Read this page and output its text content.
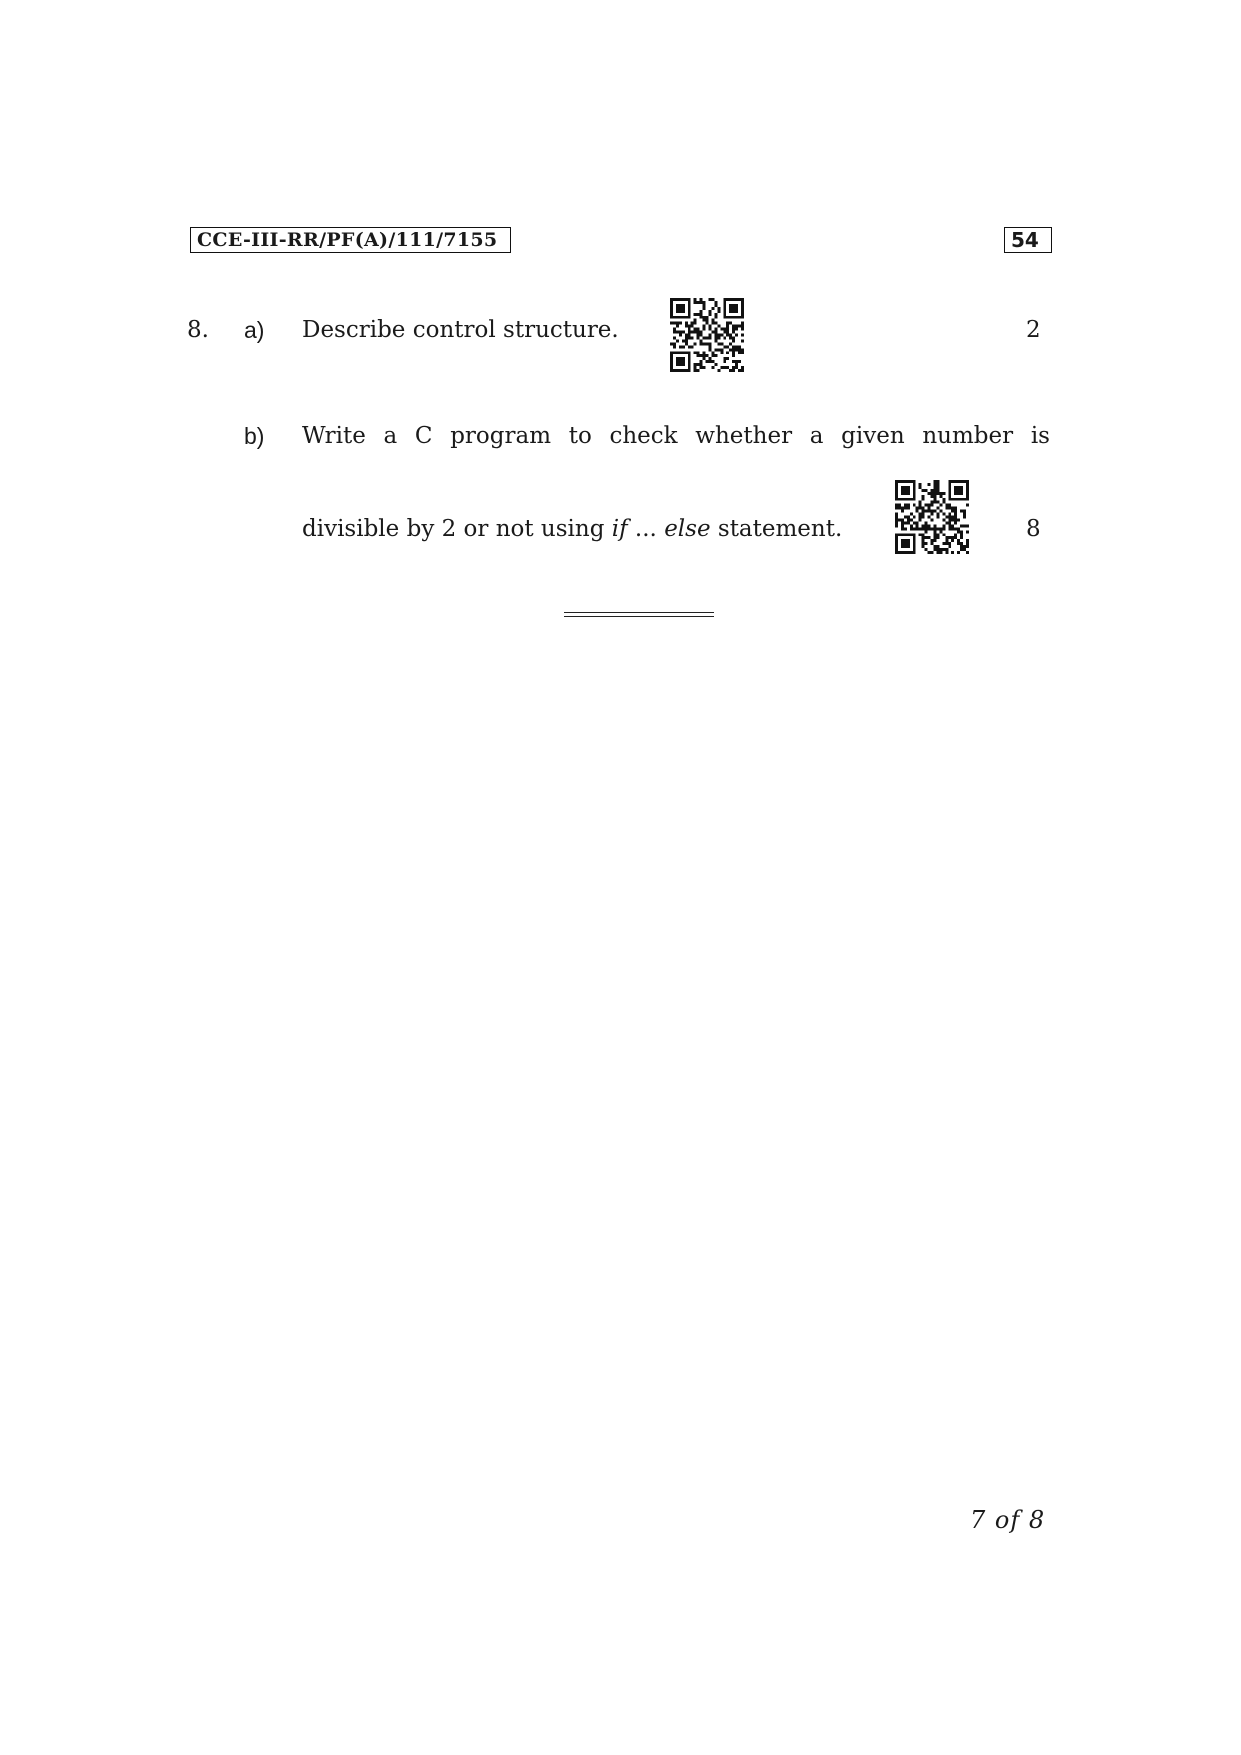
CCE-III-RR/PF(A)/111/7155	54
8. a) Describe control structure.	2
b) Write a C program to check whether a given number is
divisible by 2 or not using if ... else statement.	8
7 of 8
